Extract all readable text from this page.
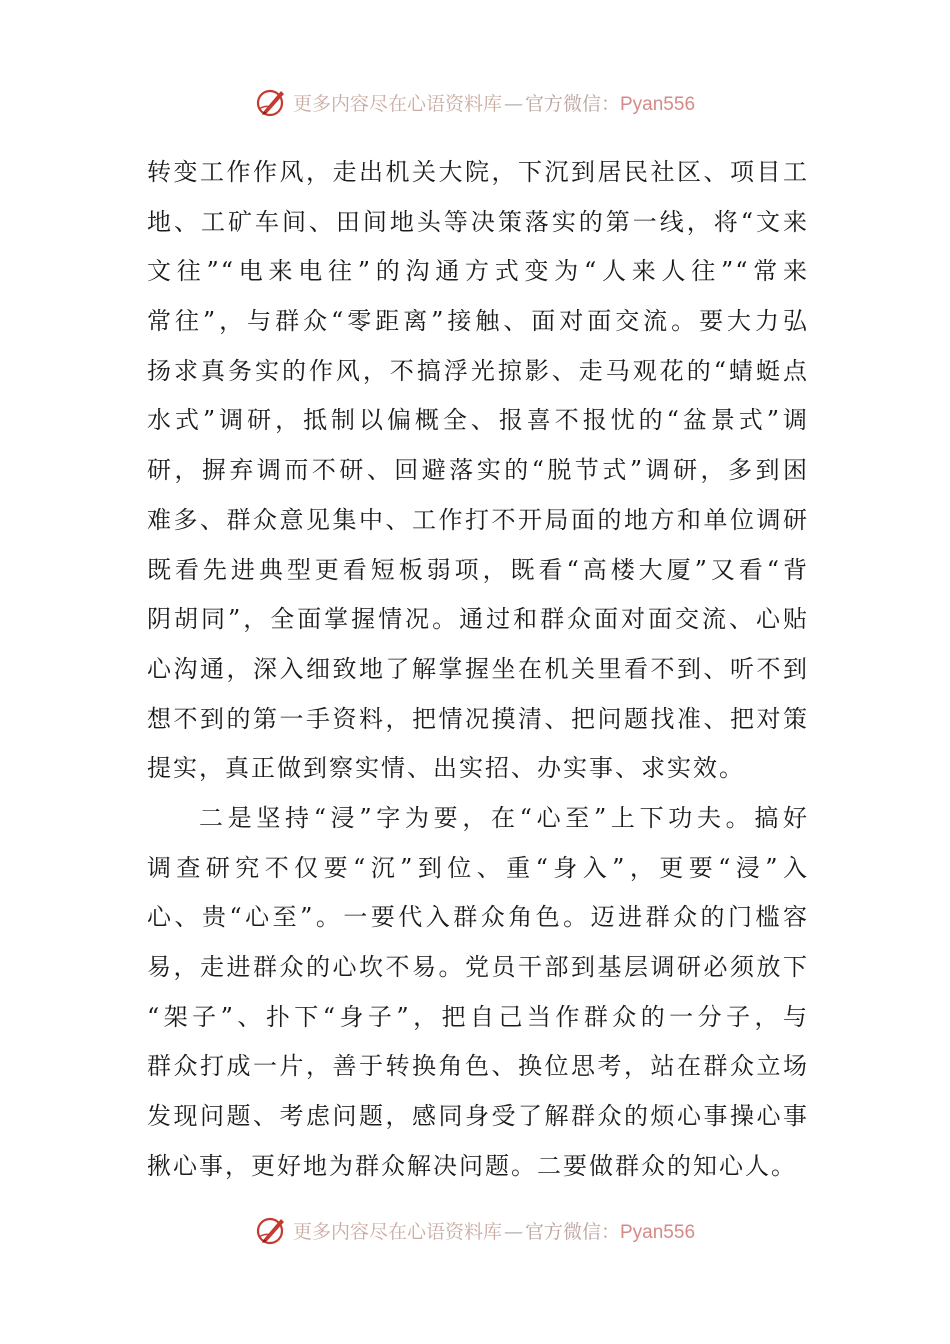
更多内容尽在心语资料库 — 官方微信：Pyan556
转变工作作风，走出机关大院，下沉到居民社区、项目工
地、工矿车间、田间地头等决策落实的第一线，将“文来
文往”“电来电往”的沟通方式变为“人来人往”“常来
常往”，与群众“零距离”接触、面对面交流。要大力弘
扬求真务实的作风，不搞浮光掠影、走马观花的“蜻蜓点
水式”调研，抵制以偏概全、报喜不报忧的“盆景式”调
研，摒弃调而不研、回避落实的“脱节式”调研，多到困
难多、群众意见集中、工作打不开局面的地方和单位调研
既看先进典型更看短板弱项，既看“高楼大厦”又看“背
阴胡同”，全面掌握情况。通过和群众面对面交流、心贴
心沟通，深入细致地了解掌握坐在机关里看不到、听不到
想不到的第一手资料，把情况摸清、把问题找准、把对策
提实，真正做到察实情、出实招、办实事、求实效。
二是坚持“浸”字为要，在“心至”上下功夫。搞好
调查研究不仅要“沉”到位、重“身入”，更要“浸”入
心、贵“心至”。一要代入群众角色。迈进群众的门槛容
易，走进群众的心坎不易。党员干部到基层调研必须放下
“架子”、扑下“身子”，把自己当作群众的一分子，与
群众打成一片，善于转换角色、换位思考，站在群众立场
发现问题、考虑问题，感同身受了解群众的烦心事操心事
揪心事，更好地为群众解决问题。二要做群众的知心人。
更多内容尽在心语资料库 — 官方微信：Pyan556
